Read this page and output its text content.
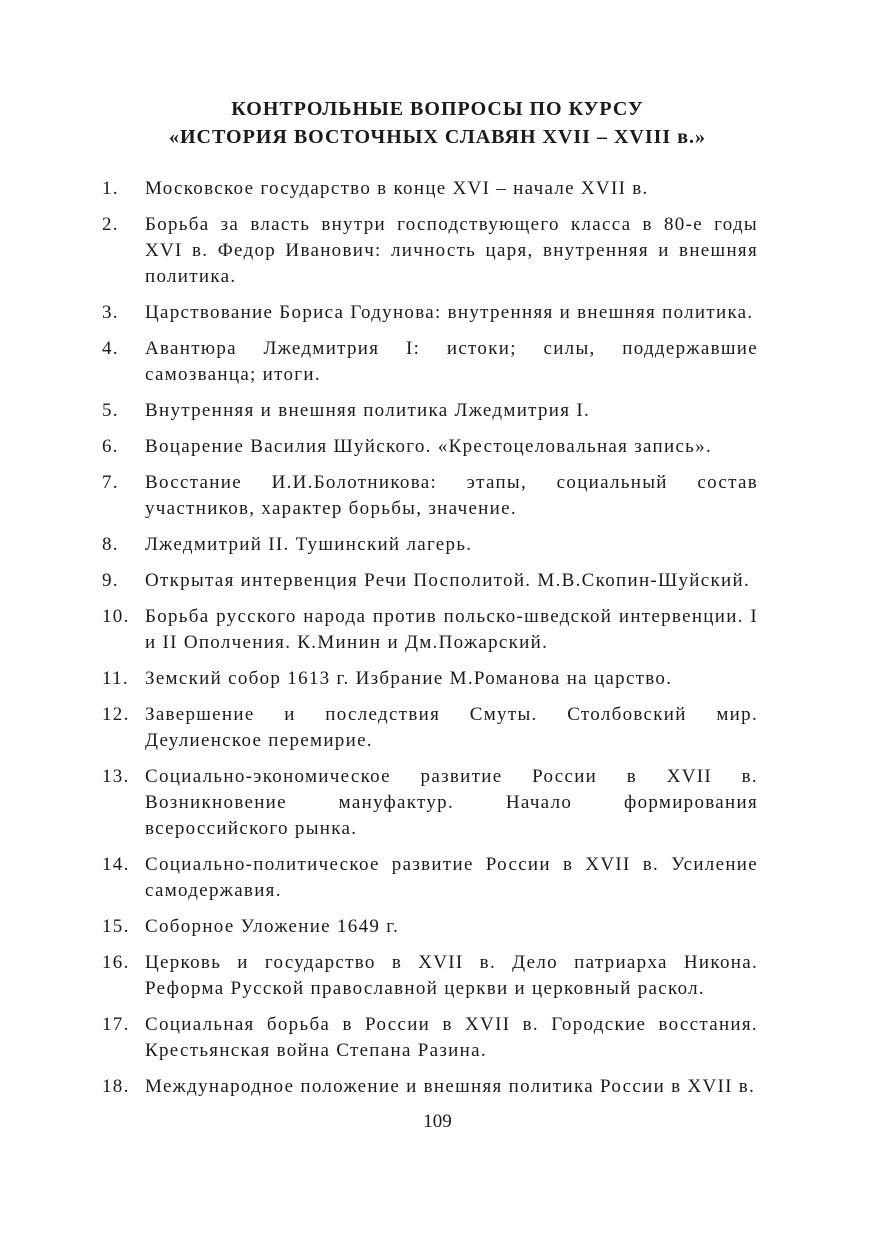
КОНТРОЛЬНЫЕ ВОПРОСЫ ПО КУРСУ
«ИСТОРИЯ ВОСТОЧНЫХ СЛАВЯН XVII – XVIII в.»
1. Московское государство в конце XVI – начале XVII в.
2. Борьба за власть внутри господствующего класса в 80-е годы XVI в. Федор Иванович: личность царя, внутренняя и внешняя политика.
3. Царствование Бориса Годунова: внутренняя и внешняя политика.
4. Авантюра Лжедмитрия I: истоки; силы, поддержавшие самозванца; итоги.
5. Внутренняя и внешняя политика Лжедмитрия I.
6. Воцарение Василия Шуйского. «Крестоцеловальная запись».
7. Восстание И.И.Болотникова: этапы, социальный состав участников, характер борьбы, значение.
8. Лжедмитрий II. Тушинский лагерь.
9. Открытая интервенция Речи Посполитой. М.В.Скопин-Шуйский.
10. Борьба русского народа против польско-шведской интервенции. I и II Ополчения. К.Минин и Дм.Пожарский.
11. Земский собор 1613 г. Избрание М.Романова на царство.
12. Завершение и последствия Смуты. Столбовский мир. Деулиенское перемирие.
13. Социально-экономическое развитие России в XVII в. Возникновение мануфактур. Начало формирования всероссийского рынка.
14. Социально-политическое развитие России в XVII в. Усиление самодержавия.
15. Соборное Уложение 1649 г.
16. Церковь и государство в XVII в. Дело патриарха Никона. Реформа Русской православной церкви и церковный раскол.
17. Социальная борьба в России в XVII в. Городские восстания. Крестьянская война Степана Разина.
18. Международное положение и внешняя политика России в XVII в.
109
